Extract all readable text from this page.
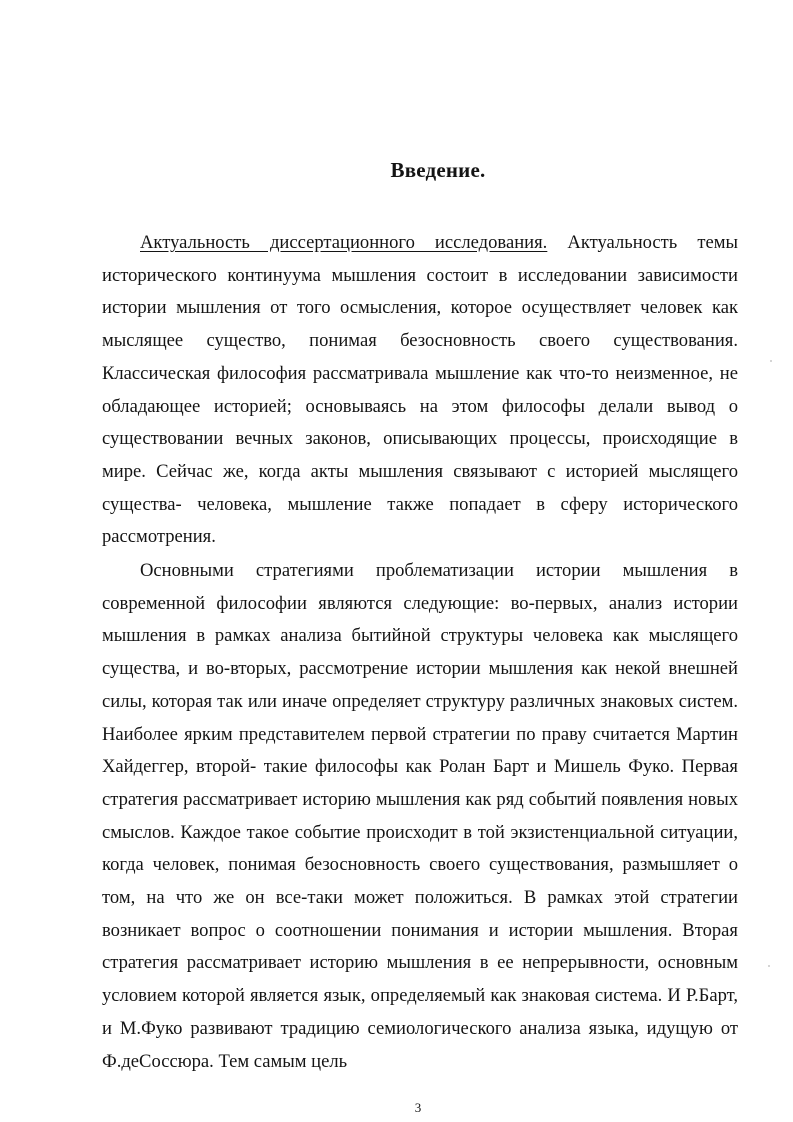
Введение.

Актуальность диссертационного исследования. Актуальность темы исторического континуума мышления состоит в исследовании зависимости истории мышления от того осмысления, которое осуществляет человек как мыслящее существо, понимая безосновность своего существования. Классическая философия рассматривала мышление как что-то неизменное, не обладающее историей; основываясь на этом философы делали вывод о существовании вечных законов, описывающих процессы, происходящие в мире. Сейчас же, когда акты мышления связывают с историей мыслящего существа- человека, мышление также попадает в сферу исторического рассмотрения.

Основными стратегиями проблематизации истории мышления в современной философии являются следующие: во-первых, анализ истории мышления в рамках анализа бытийной структуры человека как мыслящего существа, и во-вторых, рассмотрение истории мышления как некой внешней силы, которая так или иначе определяет структуру различных знаковых систем. Наиболее ярким представителем первой стратегии по праву считается Мартин Хайдеггер, второй- такие философы как Ролан Барт и Мишель Фуко. Первая стратегия рассматривает историю мышления как ряд событий появления новых смыслов. Каждое такое событие происходит в той экзистенциальной ситуации, когда человек, понимая безосновность своего существования, размышляет о том, на что же он все-таки может положиться. В рамках этой стратегии возникает вопрос о соотношении понимания и истории мышления. Вторая стратегия рассматривает историю мышления в ее непрерывности, основным условием которой является язык, определяемый как знаковая система. И Р.Барт, и М.Фуко развивают традицию семиологического анализа языка, идущую от Ф.деСоссюра. Тем самым цель

3
